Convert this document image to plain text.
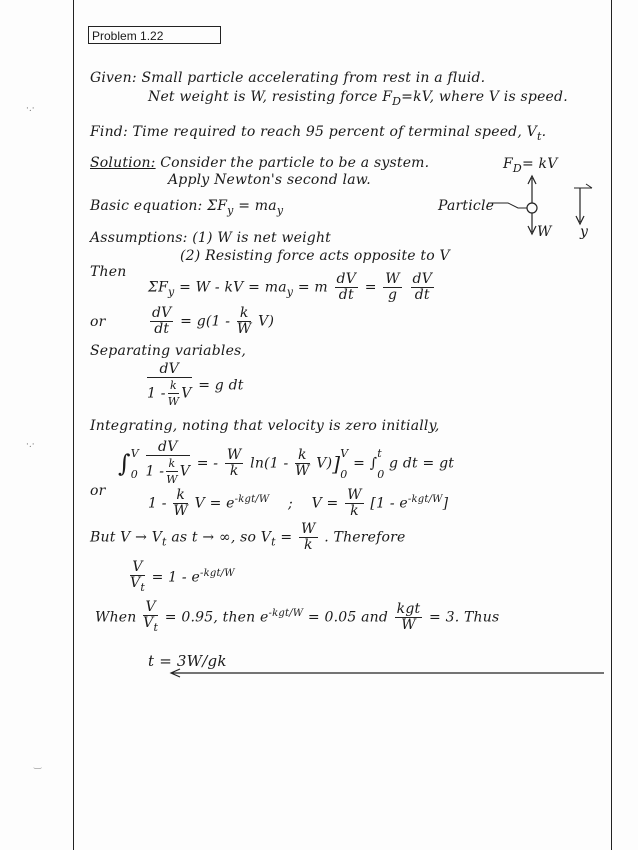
Problem 1.22
Given: Small particle accelerating from rest in a fluid.
Net weight is W, resisting force $F_D=kV$, where V is speed.
Find: Time required to reach 95 percent of terminal speed, $V_t$.
Solution: Consider the particle to be a system.
Apply Newton's second law.
$F_D=$ kV
Particle
W y
Basic equation: $\Sigma F_y = ma_y$
Assumptions: (1) W is net weight
(2) Resisting force acts opposite to V
Then
$\Sigma F_y = W$ - kV = $ma_y = m \frac{dV}{dt} = \frac{W}{g}$
$\frac{dV}{dt}$
or	$\frac{dV}{dt} = g(1 - \frac{k}{W} V)$
Separating variables,
$\frac{dV}{1 - \frac{k}{W} V} = g$ dt
Integrating, noting that velocity is zero initially,
∫ V
0
$\frac{dV}{1 - \frac{k}{W} V}$ = - $\frac{W}{k} \ln(1 - \frac{k}{W} V)$] V
0
= ∫
t
0
g dt = gt
or
$1 - \frac{k}{W}$ $V = e^{-kgt/W}$ ; $V = \frac{W}{k} [1 - e^{-kgt/W}]$
But $V \to V_t$ as t → ∞, so $V_t = \frac{W}{k}$ . Therefore
$\frac{V}{V_t} = 1 - e^{-kgt/W}$
When $\frac{V}{V_t} = 0.95$, then $e^{-kgt/W} = 0.05$ and $\frac{\text{kgt}}{W} = 3$. Thus
t = 3W/gk
·.·
·.·
‿
